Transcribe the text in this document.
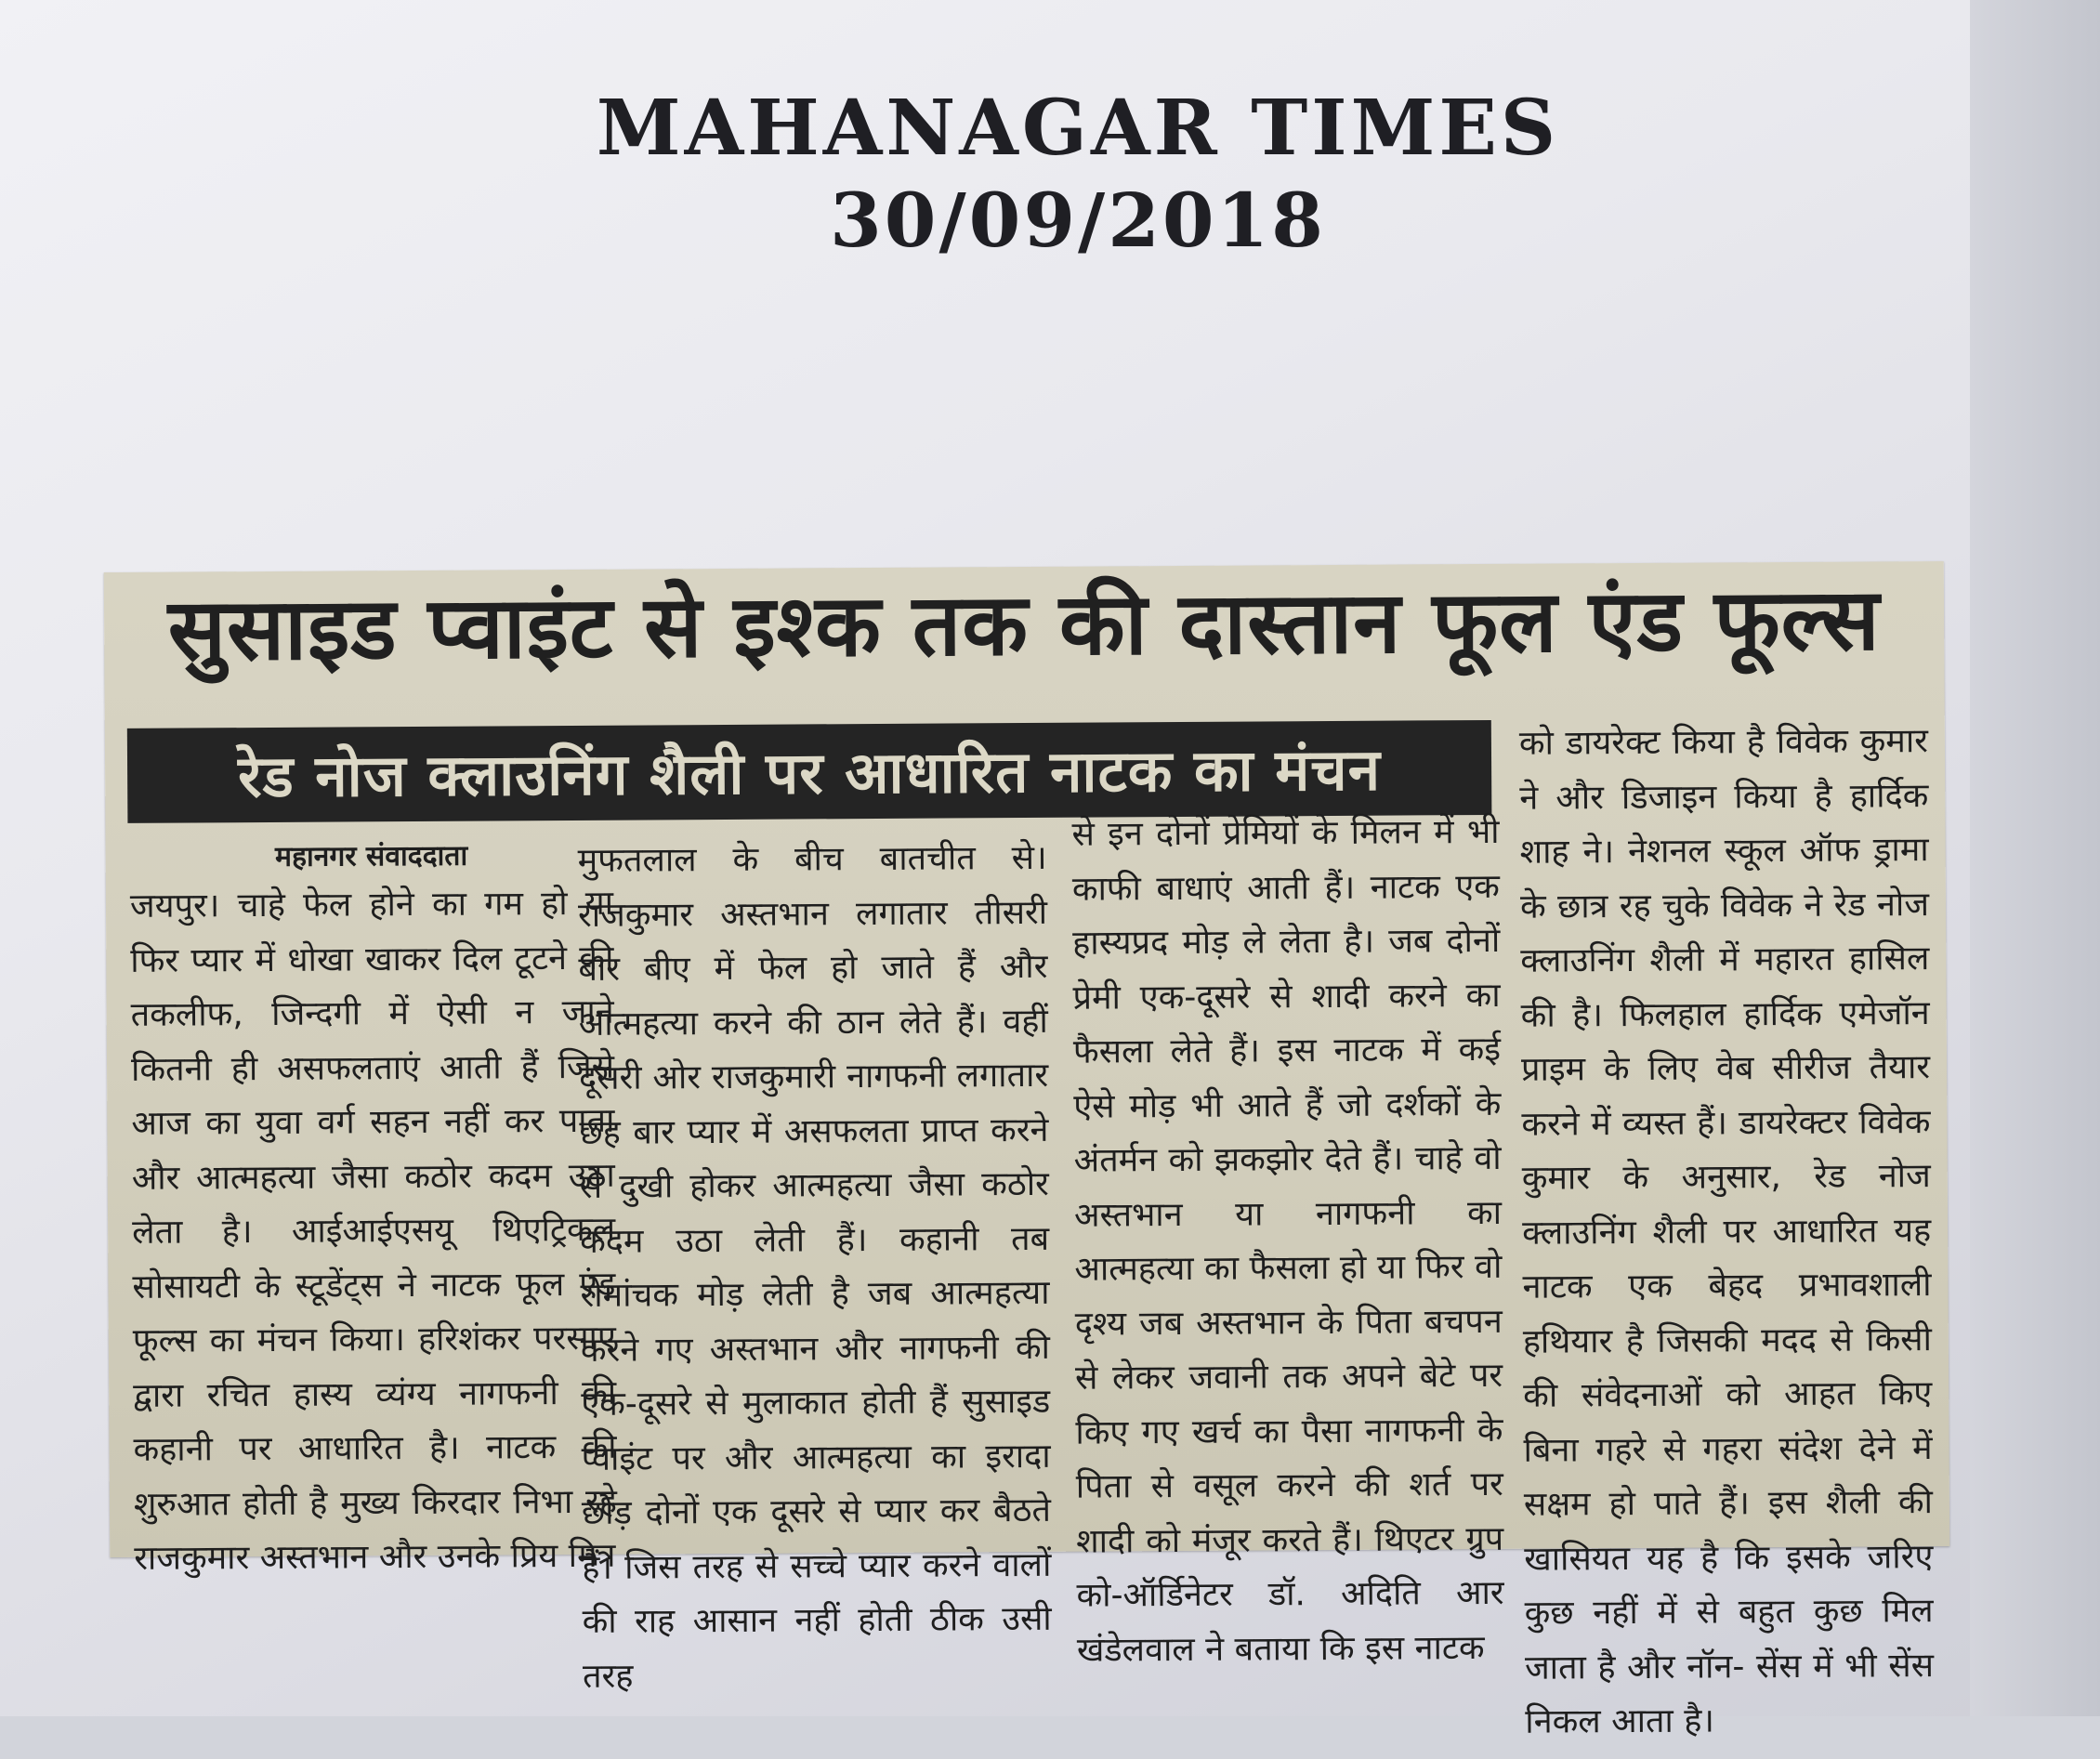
MAHANAGAR TIMES
30/09/2018
सुसाइड प्वाइंट से इश्क तक की दास्तान फूल एंड फूल्स
रेड नोज क्लाउनिंग शैली पर आधारित नाटक का मंचन

महानगर संवाददाता

जयपुर। चाहे फेल होने का गम हो या फिर प्यार में धोखा खाकर दिल टूटने की तकलीफ, जिन्दगी में ऐसी न जाने कितनी ही असफलताएं आती हैं जिसे आज का युवा वर्ग सहन नहीं कर पाता और आत्महत्या जैसा कठोर कदम उठा लेता है। आईआईएसयू थिएट्रिकल सोसायटी के स्टूडेंट्स ने नाटक फूल एंड फूल्स का मंचन किया। हरिशंकर परसाए द्वारा रचित हास्य व्यंग्य नागफनी की कहानी पर आधारित है। नाटक की शुरुआत होती है मुख्य किरदार निभा रहे राजकुमार अस्तभान और उनके प्रिय मित्र

मुफतलाल के बीच बातचीत से। राजकुमार अस्तभान लगातार तीसरी बार बीए में फेल हो जाते हैं और आत्महत्या करने की ठान लेते हैं। वहीं दूसरी ओर राजकुमारी नागफनी लगातार छह बार प्यार में असफलता प्राप्त करने से दुखी होकर आत्महत्या जैसा कठोर कदम उठा लेती हैं। कहानी तब रोमांचक मोड़ लेती है जब आत्महत्या करने गए अस्तभान और नागफनी की एक-दूसरे से मुलाकात होती हैं सुसाइड प्वाइंट पर और आत्महत्या का इरादा छोड़ दोनों एक दूसरे से प्यार कर बैठते हैं। जिस तरह से सच्चे प्यार करने वालों की राह आसान नहीं होती ठीक उसी तरह

से इन दोनों प्रेमियों के मिलन में भी काफी बाधाएं आती हैं। नाटक एक हास्यप्रद मोड़ ले लेता है। जब दोनों प्रेमी एक-दूसरे से शादी करने का फैसला लेते हैं। इस नाटक में कई ऐसे मोड़ भी आते हैं जो दर्शकों के अंतर्मन को झकझोर देते हैं। चाहे वो अस्तभान या नागफनी का आत्महत्या का फैसला हो या फिर वो दृश्य जब अस्तभान के पिता बचपन से लेकर जवानी तक अपने बेटे पर किए गए खर्च का पैसा नागफनी के पिता से वसूल करने की शर्त पर शादी को मंजूर करते हैं। थिएटर ग्रुप को-ऑर्डिनेटर डॉ. अदिति आर खंडेलवाल ने बताया कि इस नाटक

को डायरेक्ट किया है विवेक कुमार ने और डिजाइन किया है हार्दिक शाह ने। नेशनल स्कूल ऑफ ड्रामा के छात्र रह चुके विवेक ने रेड नोज क्लाउनिंग शैली में महारत हासिल की है। फिलहाल हार्दिक एमेजॉन प्राइम के लिए वेब सीरीज तैयार करने में व्यस्त हैं। डायरेक्टर विवेक कुमार के अनुसार, रेड नोज क्लाउनिंग शैली पर आधारित यह नाटक एक बेहद प्रभावशाली हथियार है जिसकी मदद से किसी की संवेदनाओं को आहत किए बिना गहरे से गहरा संदेश देने में सक्षम हो पाते हैं। इस शैली की खासियत यह है कि इसके जरिए कुछ नहीं में से बहुत कुछ मिल जाता है और नॉन- सेंस में भी सेंस निकल आता है।
